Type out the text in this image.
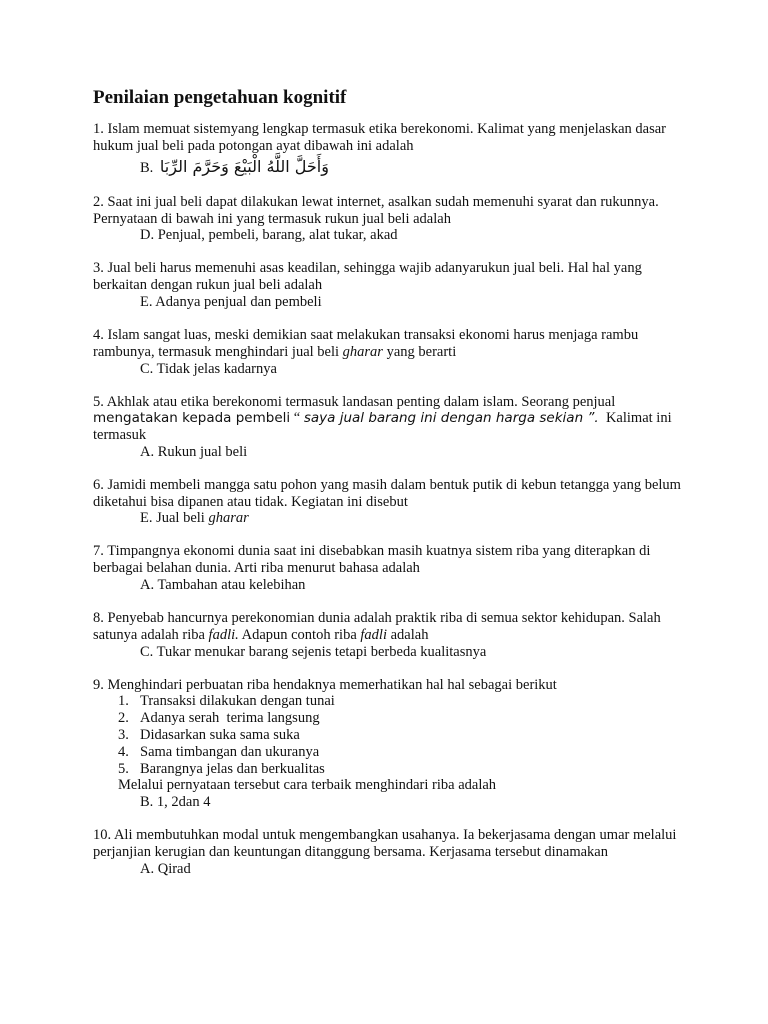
Penilaian pengetahuan kognitif

1. Islam memuat sistemyang lengkap termasuk etika berekonomi. Kalimat yang menjelaskan dasar hukum jual beli pada potongan ayat dibawah ini adalah

B. وَأَحَلَّ اللَّهُ الْبَيْعَ وَحَرَّمَ الرِّبَا

2. Saat ini jual beli dapat dilakukan lewat internet, asalkan sudah memenuhi syarat dan rukunnya. Pernyataan di bawah ini yang termasuk rukun jual beli adalah

D. Penjual, pembeli, barang, alat tukar, akad

3. Jual beli harus memenuhi asas keadilan, sehingga wajib adanyarukun jual beli. Hal hal yang berkaitan dengan rukun jual beli adalah

E. Adanya penjual dan pembeli

4. Islam sangat luas, meski demikian saat melakukan transaksi ekonomi harus menjaga rambu rambunya, termasuk menghindari jual beli gharar yang berarti

C. Tidak jelas kadarnya

5. Akhlak atau etika berekonomi termasuk landasan penting dalam islam. Seorang penjual
mengatakan kepada pembeli “ saya jual barang ini dengan harga sekian ”. Kalimat ini termasuk

A. Rukun jual beli

6. Jamidi membeli mangga satu pohon yang masih dalam bentuk putik di kebun tetangga yang belum diketahui bisa dipanen atau tidak. Kegiatan ini disebut

E. Jual beli gharar

7. Timpangnya ekonomi dunia saat ini disebabkan masih kuatnya sistem riba yang diterapkan di berbagai belahan dunia. Arti riba menurut bahasa adalah

A. Tambahan atau kelebihan

8. Penyebab hancurnya perekonomian dunia adalah praktik riba di semua sektor kehidupan. Salah satunya adalah riba fadli. Adapun contoh riba fadli adalah

C. Tukar menukar barang sejenis tetapi berbeda kualitasnya

9. Menghindari perbuatan riba hendaknya memerhatikan hal hal sebagai berikut

1. Transaksi dilakukan dengan tunai
2. Adanya serah  terima langsung
3. Didasarkan suka sama suka
4. Sama timbangan dan ukuranya
5. Barangnya jelas dan berkualitas

Melalui pernyataan tersebut cara terbaik menghindari riba adalah

B. 1, 2dan 4

10. Ali membutuhkan modal untuk mengembangkan usahanya. Ia bekerjasama dengan umar melalui perjanjian kerugian dan keuntungan ditanggung bersama. Kerjasama tersebut dinamakan

A. Qirad
